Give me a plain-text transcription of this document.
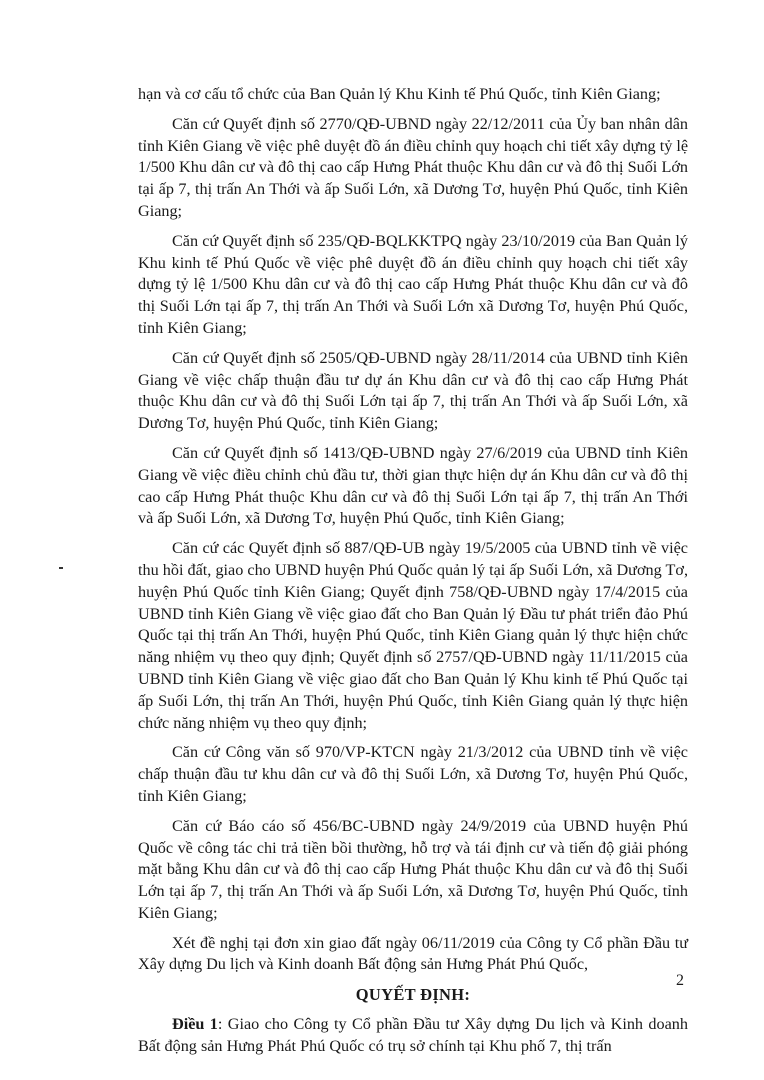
hạn và cơ cấu tổ chức của Ban Quản lý Khu Kinh tế Phú Quốc, tỉnh Kiên Giang;

Căn cứ Quyết định số 2770/QĐ-UBND ngày 22/12/2011 của Ủy ban nhân dân tỉnh Kiên Giang về việc phê duyệt đồ án điều chỉnh quy hoạch chi tiết xây dựng tỷ lệ 1/500 Khu dân cư và đô thị cao cấp Hưng Phát thuộc Khu dân cư và đô thị Suối Lớn tại ấp 7, thị trấn An Thới và ấp Suối Lớn, xã Dương Tơ, huyện Phú Quốc, tỉnh Kiên Giang;

Căn cứ Quyết định số 235/QĐ-BQLKKTPQ ngày 23/10/2019 của Ban Quản lý Khu kinh tế Phú Quốc về việc phê duyệt đồ án điều chỉnh quy hoạch chi tiết xây dựng tỷ lệ 1/500 Khu dân cư và đô thị cao cấp Hưng Phát thuộc Khu dân cư và đô thị Suối Lớn tại ấp 7, thị trấn An Thới và Suối Lớn xã Dương Tơ, huyện Phú Quốc, tỉnh Kiên Giang;

Căn cứ Quyết định số 2505/QĐ-UBND ngày 28/11/2014 của UBND tỉnh Kiên Giang về việc chấp thuận đầu tư dự án Khu dân cư và đô thị cao cấp Hưng Phát thuộc Khu dân cư và đô thị Suối Lớn tại ấp 7, thị trấn An Thới và ấp Suối Lớn, xã Dương Tơ, huyện Phú Quốc, tỉnh Kiên Giang;

Căn cứ Quyết định số 1413/QĐ-UBND ngày 27/6/2019 của UBND tỉnh Kiên Giang về việc điều chỉnh chủ đầu tư, thời gian thực hiện dự án Khu dân cư và đô thị cao cấp Hưng Phát thuộc Khu dân cư và đô thị Suối Lớn tại ấp 7, thị trấn An Thới và ấp Suối Lớn, xã Dương Tơ, huyện Phú Quốc, tỉnh Kiên Giang;

Căn cứ các Quyết định số 887/QĐ-UB ngày 19/5/2005 của UBND tỉnh về việc thu hồi đất, giao cho UBND huyện Phú Quốc quản lý tại ấp Suối Lớn, xã Dương Tơ, huyện Phú Quốc tỉnh Kiên Giang; Quyết định 758/QĐ-UBND ngày 17/4/2015 của UBND tỉnh Kiên Giang về việc giao đất cho Ban Quản lý Đầu tư phát triển đảo Phú Quốc tại thị trấn An Thới, huyện Phú Quốc, tỉnh Kiên Giang quản lý thực hiện chức năng nhiệm vụ theo quy định; Quyết định số 2757/QĐ-UBND ngày 11/11/2015 của UBND tỉnh Kiên Giang về việc giao đất cho Ban Quản lý Khu kinh tế Phú Quốc tại ấp Suối Lớn, thị trấn An Thới, huyện Phú Quốc, tỉnh Kiên Giang quản lý thực hiện chức năng nhiệm vụ theo quy định;

Căn cứ Công văn số 970/VP-KTCN ngày 21/3/2012 của UBND tỉnh về việc chấp thuận đầu tư khu dân cư và đô thị Suối Lớn, xã Dương Tơ, huyện Phú Quốc, tỉnh Kiên Giang;

Căn cứ Báo cáo số 456/BC-UBND ngày 24/9/2019 của UBND huyện Phú Quốc về công tác chi trả tiền bồi thường, hỗ trợ và tái định cư và tiến độ giải phóng mặt bằng Khu dân cư và đô thị cao cấp Hưng Phát thuộc Khu dân cư và đô thị Suối Lớn tại ấp 7, thị trấn An Thới và ấp Suối Lớn, xã Dương Tơ, huyện Phú Quốc, tỉnh Kiên Giang;

Xét đề nghị tại đơn xin giao đất ngày 06/11/2019 của Công ty Cổ phần Đầu tư Xây dựng Du lịch và Kinh doanh Bất động sản Hưng Phát Phú Quốc,

QUYẾT ĐỊNH:

Điều 1: Giao cho Công ty Cổ phần Đầu tư Xây dựng Du lịch và Kinh doanh Bất động sản Hưng Phát Phú Quốc có trụ sở chính tại Khu phố 7, thị trấn

2
